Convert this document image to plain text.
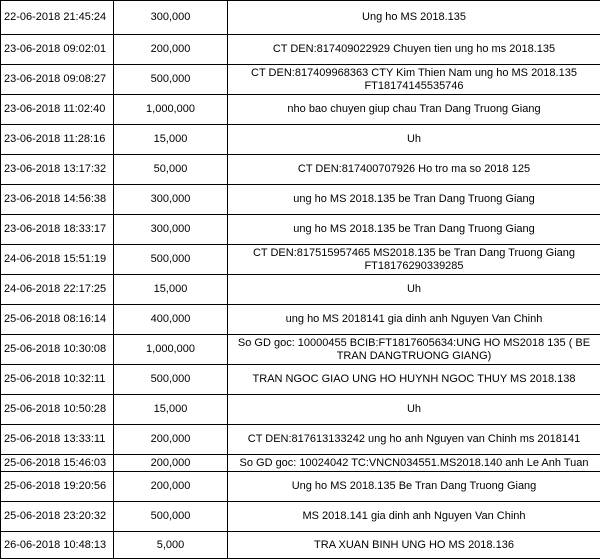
22-06-2018 21:45:24	300,000	Ung ho MS 2018.135
23-06-2018 09:02:01	200,000	CT DEN:817409022929 Chuyen tien ung ho ms 2018.135
23-06-2018 09:08:27	500,000	CT DEN:817409968363 CTY Kim Thien Nam ung ho MS 2018.135 FT18174145535746
23-06-2018 11:02:40	1,000,000	nho bao chuyen giup chau Tran Dang Truong Giang
23-06-2018 11:28:16	15,000	Uh
23-06-2018 13:17:32	50,000	CT DEN:817400707926 Ho tro ma so 2018 125
23-06-2018 14:56:38	300,000	ung ho MS 2018.135 be Tran Dang Truong Giang
23-06-2018 18:33:17	300,000	ung ho MS 2018.135 be Tran Dang Truong Giang
24-06-2018 15:51:19	500,000	CT DEN:817515957465 MS2018.135 be Tran Dang Truong Giang FT18176290339285
24-06-2018 22:17:25	15,000	Uh
25-06-2018 08:16:14	400,000	ung ho MS 2018141 gia dinh anh Nguyen Van Chinh
25-06-2018 10:30:08	1,000,000	So GD goc: 10000455 BCIB:FT1817605634:UNG HO MS2018 135 ( BE TRAN DANGTRUONG GIANG)
25-06-2018 10:32:11	500,000	TRAN NGOC GIAO UNG HO HUYNH NGOC THUY MS 2018.138
25-06-2018 10:50:28	15,000	Uh
25-06-2018 13:33:11	200,000	CT DEN:817613133242 ung ho anh Nguyen van Chinh ms 2018141
25-06-2018 15:46:03	200,000	So GD goc: 10024042 TC:VNCN034551.MS2018.140 anh Le Anh Tuan
25-06-2018 19:20:56	200,000	Ung ho MS 2018.135 Be Tran Dang Truong Giang
25-06-2018 23:20:32	500,000	MS 2018.141 gia dinh anh Nguyen Van Chinh
26-06-2018 10:48:13	5,000	TRA XUAN BINH UNG HO MS 2018.136
